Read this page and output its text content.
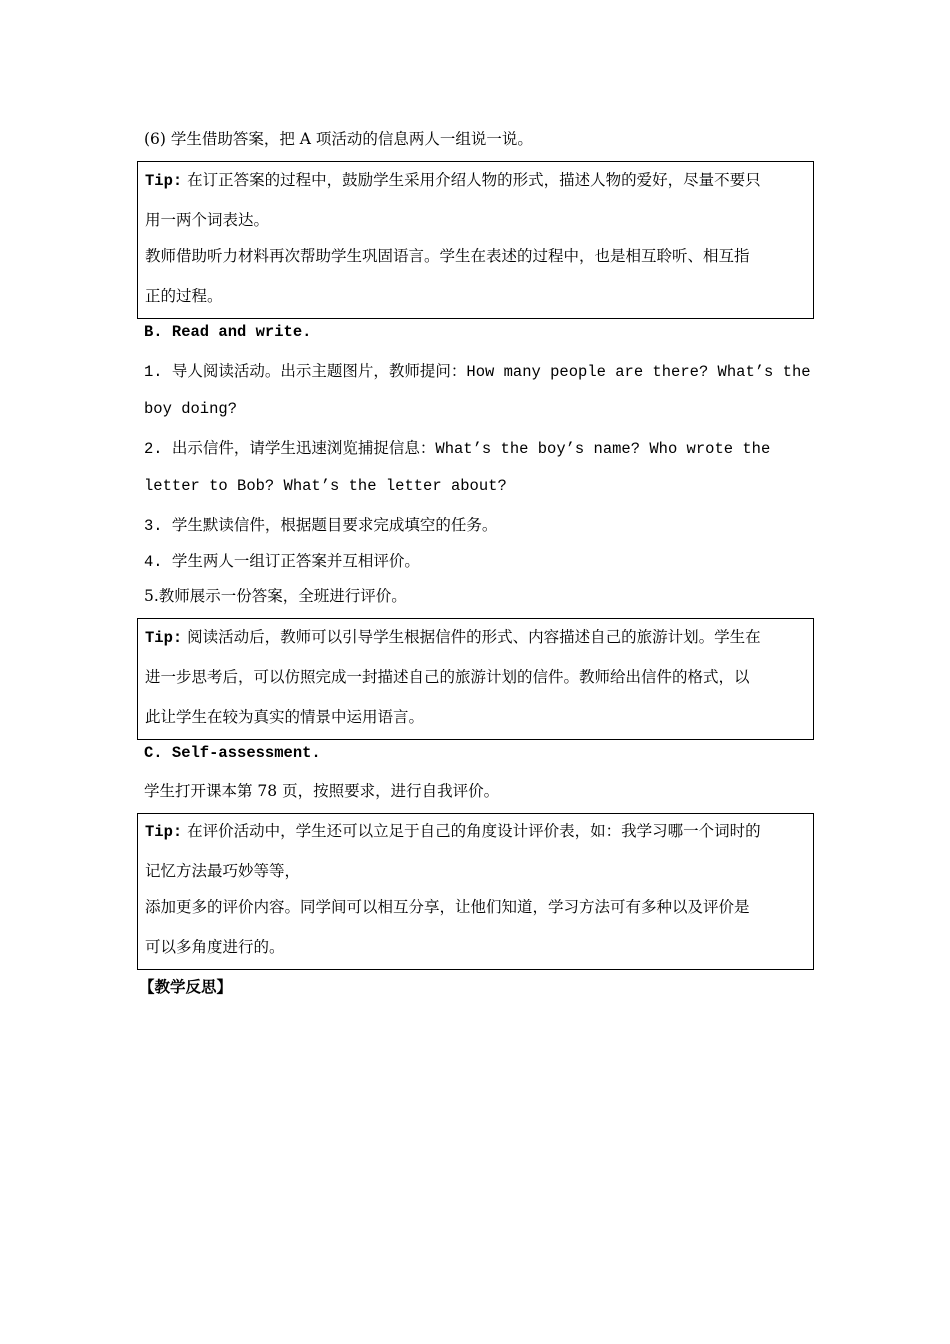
(6) 学生借助答案，把 A 项活动的信息两人一组说一说。
Tip: 在订正答案的过程中，鼓励学生采用介绍人物的形式，描述人物的爱好，尽量不要只
用一两个词表达。
教师借助听力材料再次帮助学生巩固语言。学生在表述的过程中，也是相互聆听、相互指
正的过程。
B. Read and write.
1. 导人阅读活动。出示主题图片，教师提问：How many people are there? What’s the
boy doing?
2. 出示信件，请学生迅速浏览捕捉信息：What’s the boy’s name? Who wrote the
letter to Bob? What’s the letter about?
3. 学生默读信件，根据题目要求完成填空的任务。
4. 学生两人一组订正答案并互相评价。
5.教师展示一份答案，全班进行评价。
Tip: 阅读活动后，教师可以引导学生根据信件的形式、内容描述自己的旅游计划。学生在
进一步思考后，可以仿照完成一封描述自己的旅游计划的信件。教师给出信件的格式，以
此让学生在较为真实的情景中运用语言。
C. Self-assessment.
学生打开课本第 78 页，按照要求，进行自我评价。
Tip: 在评价活动中，学生还可以立足于自己的角度设计评价表，如：我学习哪一个词时的
记忆方法最巧妙等等，
添加更多的评价内容。同学间可以相互分享，让他们知道，学习方法可有多种以及评价是
可以多角度进行的。
【教学反思】
